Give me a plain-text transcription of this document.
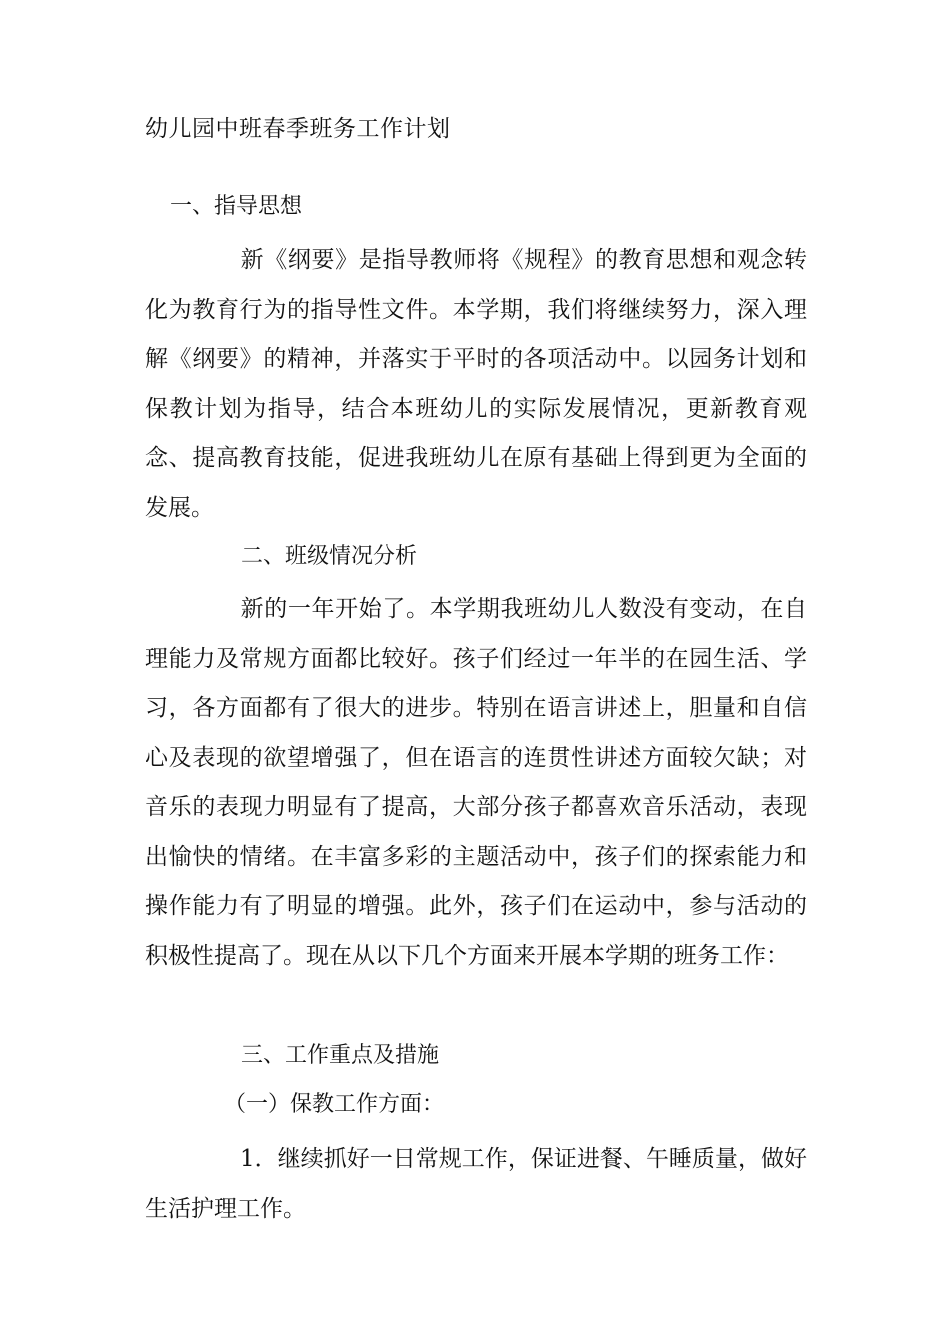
幼儿园中班春季班务工作计划
一、指导思想

新《纲要》是指导教师将《规程》的教育思想和观念转化为教育行为的指导性文件。本学期，我们将继续努力，深入理解《纲要》的精神，并落实于平时的各项活动中。以园务计划和保教计划为指导，结合本班幼儿的实际发展情况，更新教育观念、提高教育技能，促进我班幼儿在原有基础上得到更为全面的发展。

二、班级情况分析

新的一年开始了。本学期我班幼儿人数没有变动，在自理能力及常规方面都比较好。孩子们经过一年半的在园生活、学习，各方面都有了很大的进步。特别在语言讲述上，胆量和自信心及表现的欲望增强了，但在语言的连贯性讲述方面较欠缺；对音乐的表现力明显有了提高，大部分孩子都喜欢音乐活动，表现出愉快的情绪。在丰富多彩的主题活动中，孩子们的探索能力和操作能力有了明显的增强。此外，孩子们在运动中，参与活动的积极性提高了。现在从以下几个方面来开展本学期的班务工作：

三、工作重点及措施
（一）保教工作方面：

1．继续抓好一日常规工作，保证进餐、午睡质量，做好生活护理工作。
